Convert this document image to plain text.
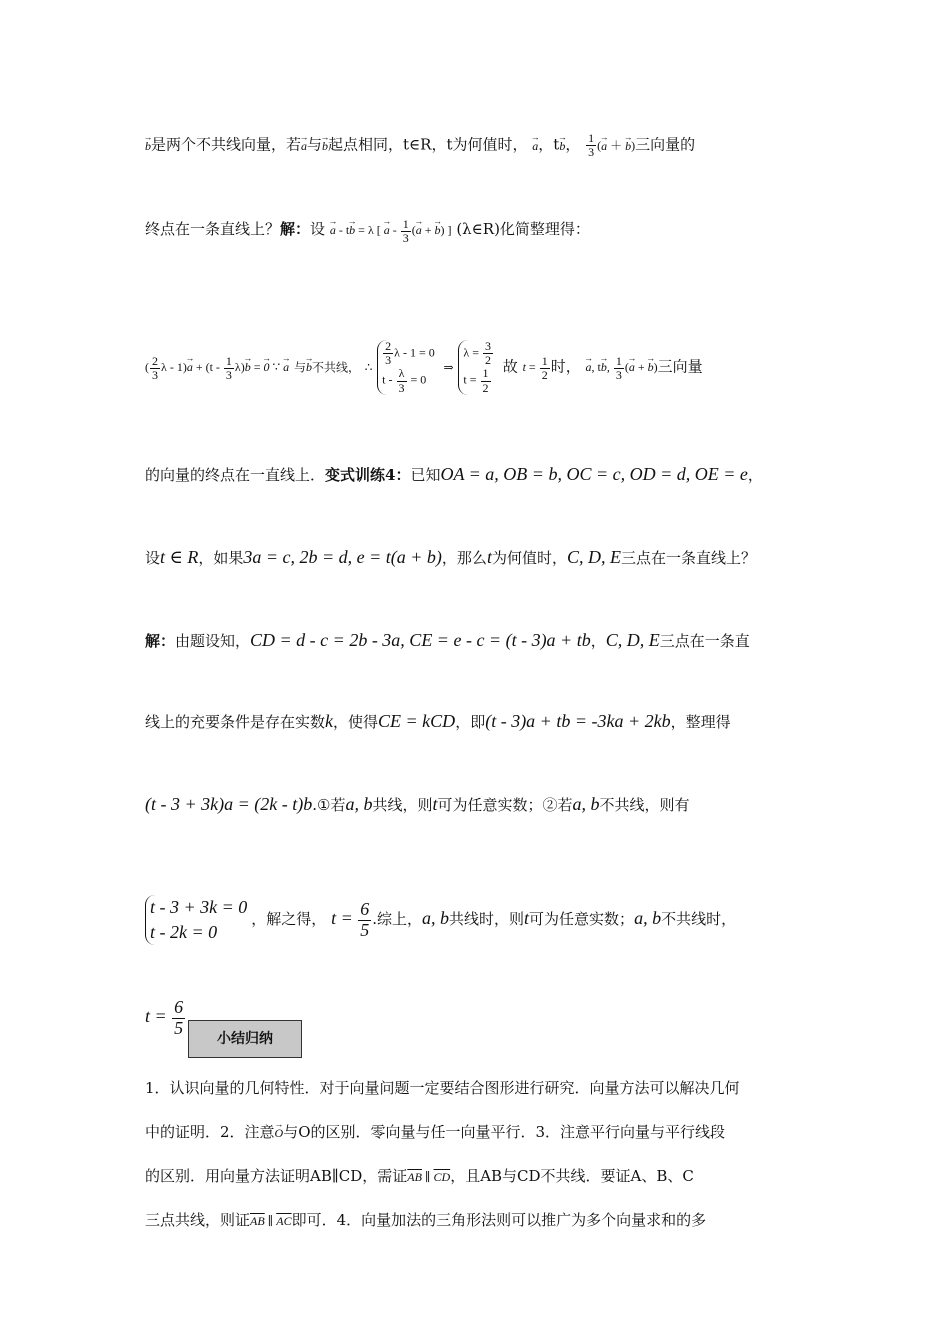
→ b是两个不共线向量，若→ a与→ b起点相同，t∈R，t为何值时， → a，t→ b， $\frac{1}{3}$ (→ a ＋ → b)三向量的
终点在一条直线上？解：设 → a - t→ b = λ [ → a - $\frac{1}{3}$ (→ a + → b) ] (λ∈R)化简整理得：
( $\frac{2}{3}$ $\lambda - 1)\to a + (t - \frac{1}{3} \lambda)\to b$ = → 0 ∵ → a 与→ b不共线， ∴ $\frac{2}{3}$ λ - 1 = 0
$t - \frac{\lambda}{3} = 0$
⇒
$\lambda = \frac{3}{2}$
$t = \frac{1}{2}$
故 $t = \frac{1}{2}$ 时， → a, t→ b, $\frac{1}{3}$ (→ a + → b)三向量
的向量的终点在一直线上．变式训练4：已知OA = a, OB = b, OC = c, OD = d, OE = e，
设t ∈ R，如果3a = c, 2b = d, e = t(a + b)，那么t为何值时，C, D, E三点在一条直线上？
解：由题设知，CD = d - c = 2b - 3a, CE = e - c = (t - 3)a + tb，C, D, E三点在一条直
线上的充要条件是存在实数k，使得CE = kCD，即(t - 3)a + tb = -3ka + 2kb，整理得
(t - 3 + 3k)a = (2k - t)b.①若a, b共线，则t可为任意实数；②若a, b不共线，则有
t - 3 + 3k = 0
t - 2k = 0
，解之得， $t = \frac{6}{5}$ .综上，a, b共线时，则t可为任意实数；a, b不共线时，
$t = \frac{6}{5}$
小结归纳
1．认识向量的几何特性．对于向量问题一定要结合图形进行研究．向量方法可以解决几何
中的证明．2．注意→ O与O的区别．零向量与任一向量平行．3．注意平行向量与平行线段
的区别．用向量方法证明AB∥CD，需证$\overline{AB}$ ∥ $\overline{CD}$，且AB与CD不共线．要证A、B、C
三点共线，则证$\overline{AB}$ ∥ $\overline{AC}$即可．4．向量加法的三角形法则可以推广为多个向量求和的多
